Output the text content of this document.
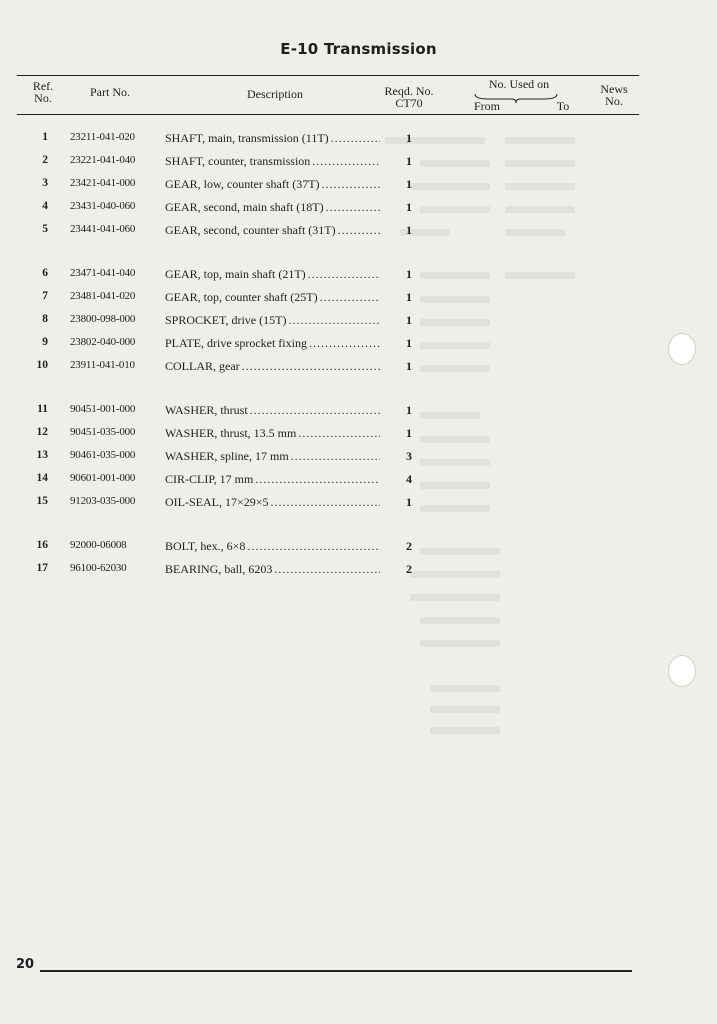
E-10 Transmission
Ref.
No.	Part No.	Description	Reqd. No.
CT70
No. Used on
From	To
News
No.
1 23211-041-020	SHAFT, main, transmission (11T) . . .	1
2 23221-041-040	SHAFT, counter, transmission . . .	1
3 23421-041-000	GEAR, low, counter shaft (37T) . . .	1
4 23431-040-060	GEAR, second, main shaft (18T) . . .	1
5 23441-041-060	GEAR, second, counter shaft (31T) . . .	1
6 23471-041-040	GEAR, top, main shaft (21T) . . .	1
7 23481-041-020	GEAR, top, counter shaft (25T) . . .	1
8 23800-098-000	SPROCKET, drive (15T) . . .	1
9 23802-040-000	PLATE, drive sprocket fixing . . .	1
10 23911-041-010	COLLAR, gear . . .	1
11 90451-001-000	WASHER, thrust . . .	1
12 90451-035-000	WASHER, thrust, 13.5 mm . . .	1
13 90461-035-000	WASHER, spline, 17 mm . . .	3
14 90601-001-000	CIR-CLIP, 17 mm . . .	4
15 91203-035-000	OIL-SEAL, 17×29×5 . . .	1
16 92000-06008	BOLT, hex., 6×8 . . .	2
17 96100-62030	BEARING, ball, 6203 . . .	2
20
